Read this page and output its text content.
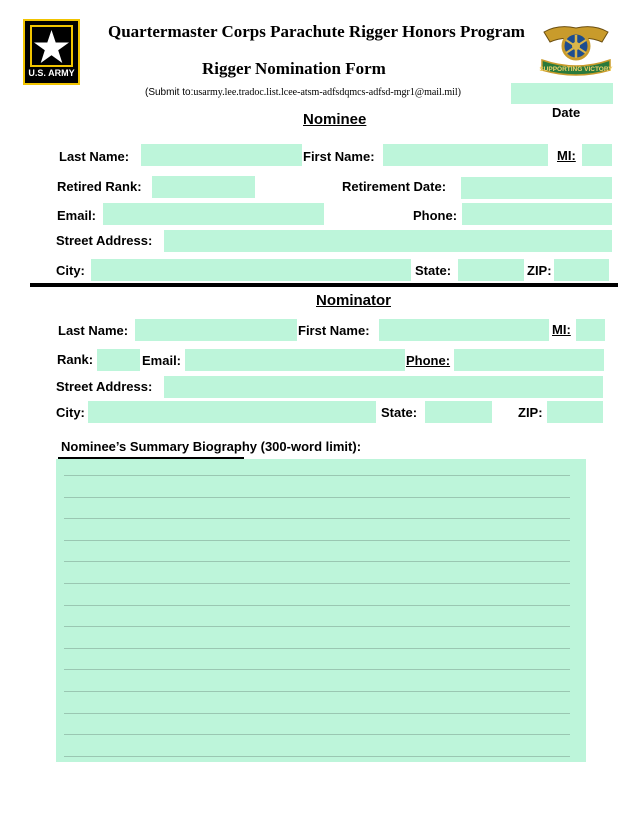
U.S. ARMY
Quartermaster Corps Parachute Rigger Honors Program
Rigger Nomination Form
(Submit to:usarmy.lee.tradoc.list.lcee-atsm-adfsdqmcs-adfsd-mgr1@mail.mil)
SUPPORTING VICTORY
Date
Nominee
Last Name:	First Name:	MI:
Retired Rank:	Retirement Date:
Email:	Phone:
Street Address:
City:	State:	ZIP:
Nominator
Last Name:	First Name:	MI:
Rank:	Email:	Phone:
Street Address:
City:	State:	ZIP:
Nominee’s Summary Biography (300-word limit):
